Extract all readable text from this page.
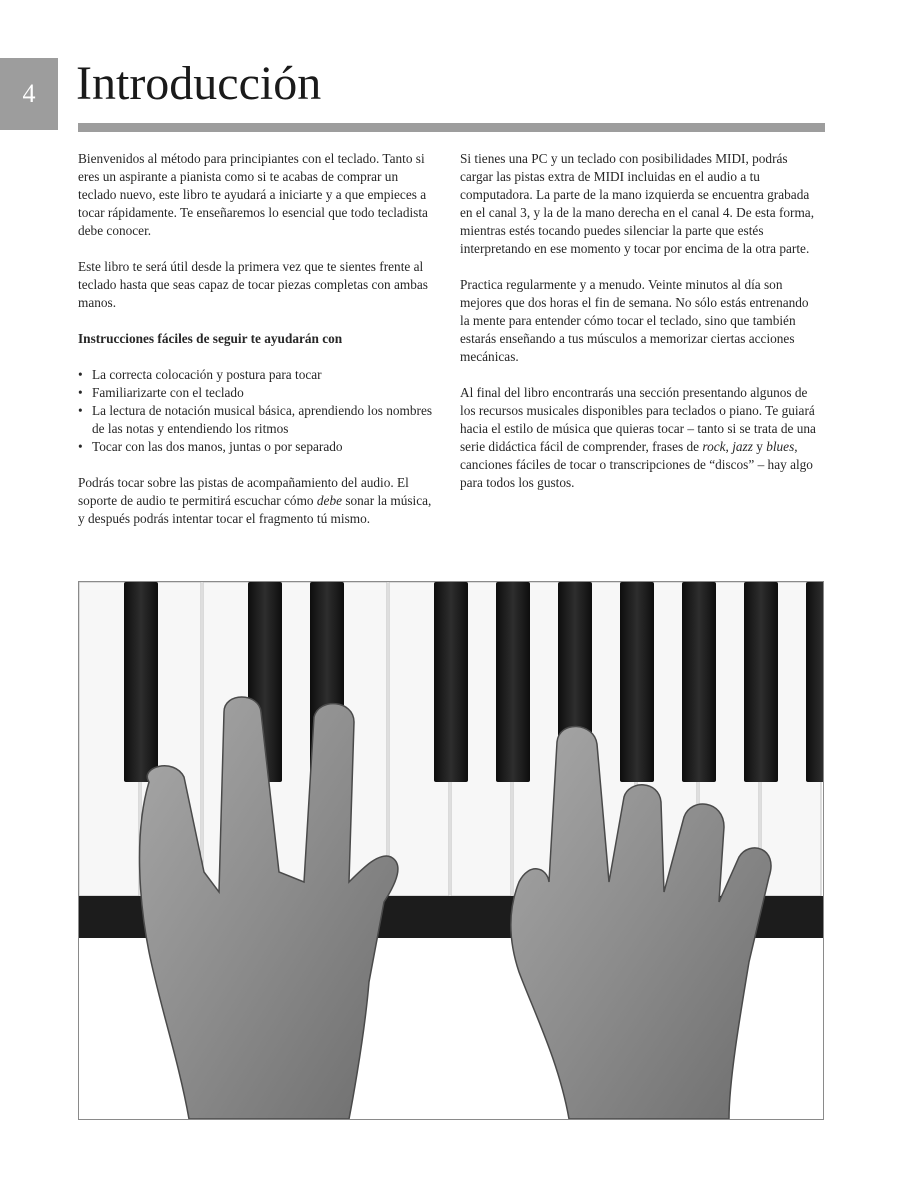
4 Introducción

Bienvenidos al método para principiantes con el teclado. Tanto si eres un aspirante a pianista como si te acabas de comprar un teclado nuevo, este libro te ayudará a iniciarte y a que empieces a tocar rápidamente. Te enseñaremos lo esencial que todo tecladista debe conocer.

Este libro te será útil desde la primera vez que te sientes frente al teclado hasta que seas capaz de tocar piezas completas con ambas manos.

Instrucciones fáciles de seguir te ayudarán con
• La correcta colocación y postura para tocar
• Familiarizarte con el teclado
• La lectura de notación musical básica, aprendiendo los nombres de las notas y entendiendo los ritmos
• Tocar con las dos manos, juntas o por separado

Podrás tocar sobre las pistas de acompañamiento del audio. El soporte de audio te permitirá escuchar cómo debe sonar la música, y después podrás intentar tocar el fragmento tú mismo.

Si tienes una PC y un teclado con posibilidades MIDI, podrás cargar las pistas extra de MIDI incluidas en el audio a tu computadora. La parte de la mano izquierda se encuentra grabada en el canal 3, y la de la mano derecha en el canal 4. De esta forma, mientras estés tocando puedes silenciar la parte que estés interpretando en ese momento y tocar por encima de la otra parte.

Practica regularmente y a menudo. Veinte minutos al día son mejores que dos horas el fin de semana. No sólo estás entrenando la mente para entender cómo tocar el teclado, sino que también estarás enseñando a tus músculos a memorizar ciertas acciones mecánicas.

Al final del libro encontrarás una sección presentando algunos de los recursos musicales disponibles para teclados o piano. Te guiará hacia el estilo de música que quieras tocar – tanto si se trata de una serie didáctica fácil de comprender, frases de rock, jazz y blues, canciones fáciles de tocar o transcripciones de “discos” – hay algo para todos los gustos.
